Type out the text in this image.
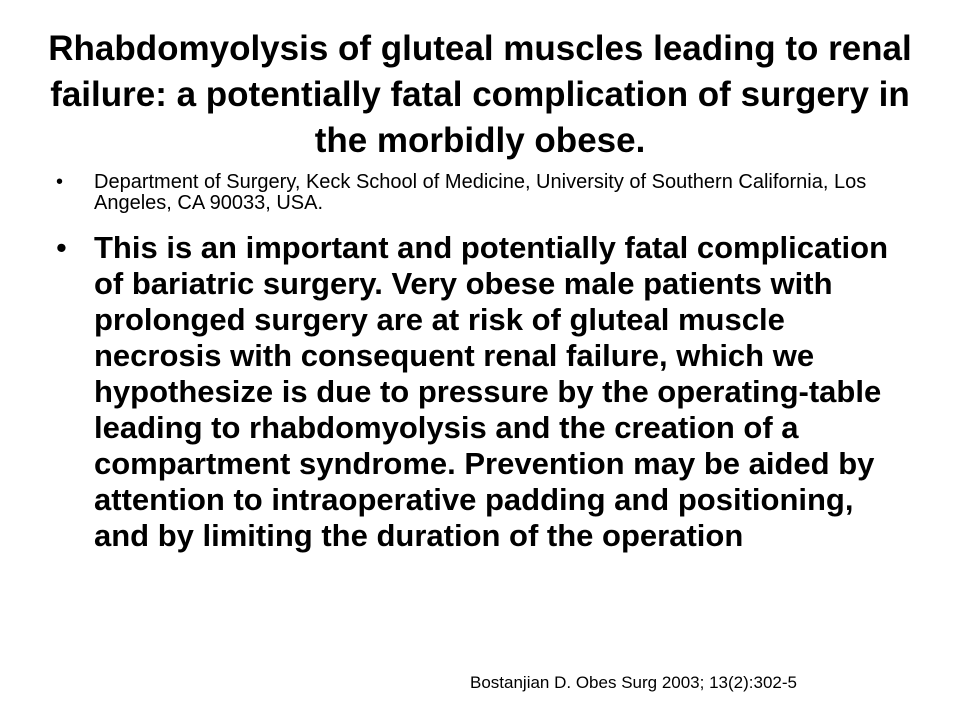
Rhabdomyolysis of gluteal muscles leading to renal failure: a potentially fatal complication of surgery in the morbidly obese.
• Department of Surgery, Keck School of Medicine, University of Southern California, Los Angeles, CA 90033, USA.
• This is an important and potentially fatal complication of bariatric surgery. Very obese male patients with prolonged surgery are at risk of gluteal muscle necrosis with consequent renal failure, which we hypothesize is due to pressure by the operating-table leading to rhabdomyolysis and the creation of a compartment syndrome. Prevention may be aided by attention to intraoperative padding and positioning, and by limiting the duration of the operation

Bostanjian D. Obes Surg 2003; 13(2):302-5
